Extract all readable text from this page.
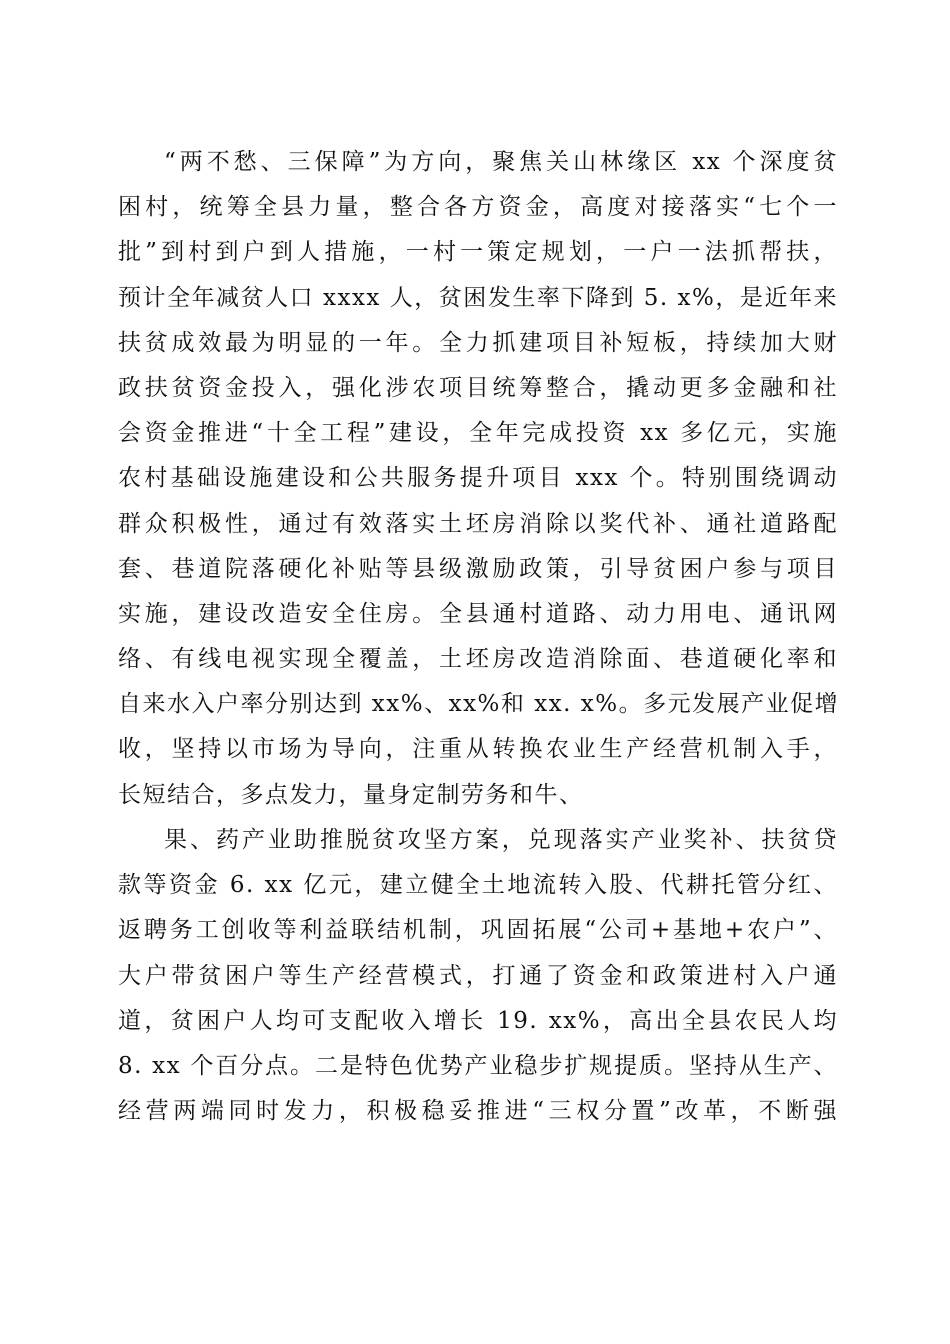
“两不愁、三保障”为方向，聚焦关山林缘区 xx 个深度贫
困村，统筹全县力量，整合各方资金，高度对接落实“七个一
批”到村到户到人措施，一村一策定规划，一户一法抓帮扶，
预计全年减贫人口 xxxx 人，贫困发生率下降到 5. x%，是近年来
扶贫成效最为明显的一年。全力抓建项目补短板，持续加大财
政扶贫资金投入，强化涉农项目统筹整合，撬动更多金融和社
会资金推进“十全工程”建设，全年完成投资 xx 多亿元，实施
农村基础设施建设和公共服务提升项目 xxx 个。特别围绕调动
群众积极性，通过有效落实土坯房消除以奖代补、通社道路配
套、巷道院落硬化补贴等县级激励政策，引导贫困户参与项目
实施，建设改造安全住房。全县通村道路、动力用电、通讯网
络、有线电视实现全覆盖，土坯房改造消除面、巷道硬化率和
自来水入户率分别达到 xx%、xx%和 xx. x%。多元发展产业促增
收，坚持以市场为导向，注重从转换农业生产经营机制入手，
长短结合，多点发力，量身定制劳务和牛、
果、药产业助推脱贫攻坚方案，兑现落实产业奖补、扶贫贷
款等资金 6. xx 亿元，建立健全土地流转入股、代耕托管分红、
返聘务工创收等利益联结机制，巩固拓展“公司+基地+农户”、
大户带贫困户等生产经营模式，打通了资金和政策进村入户通
道，贫困户人均可支配收入增长 19. xx%，高出全县农民人均
8. xx 个百分点。二是特色优势产业稳步扩规提质。坚持从生产、
经营两端同时发力，积极稳妥推进“三权分置”改革，不断强
